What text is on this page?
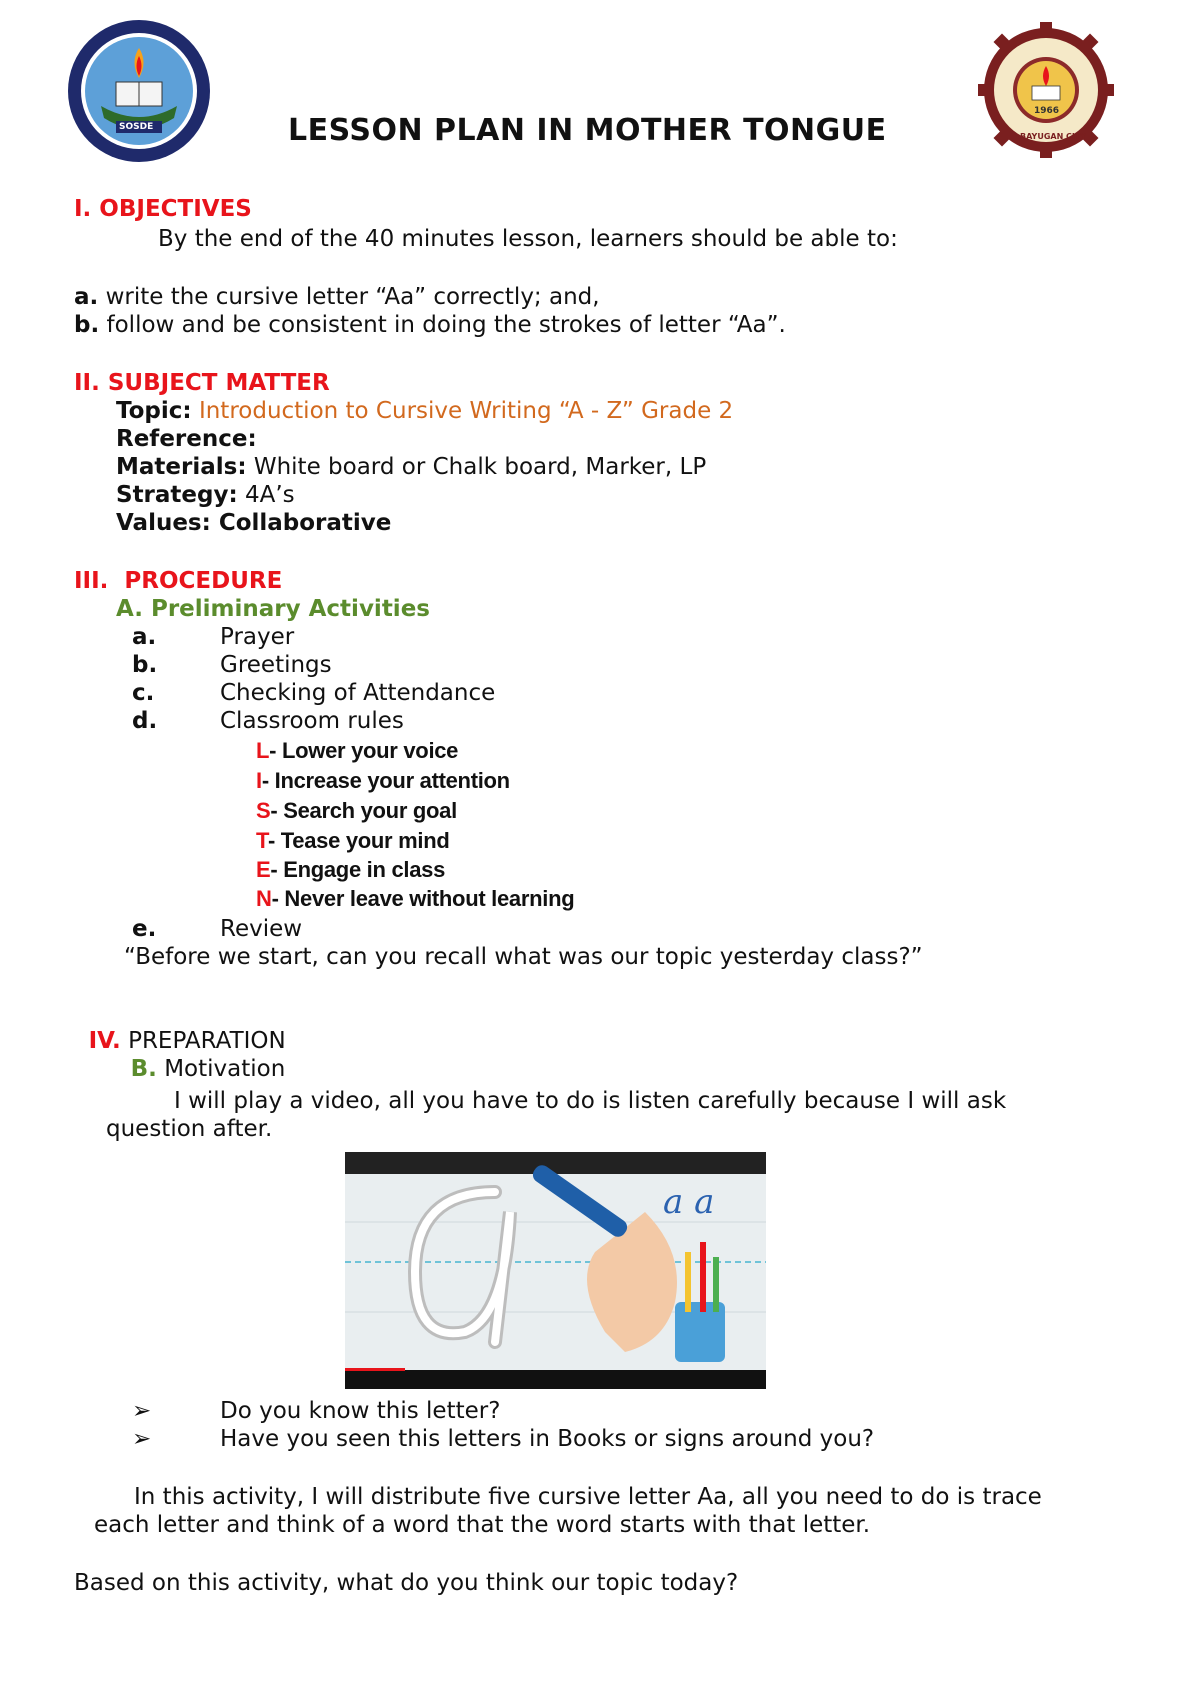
SOSDE
1966
BAYUGAN CITY
LESSON PLAN IN MOTHER TONGUE
I. OBJECTIVES
By the end of the 40 minutes lesson, learners should be able to:
a. write the cursive letter “Aa” correctly; and,
b. follow and be consistent in doing the strokes of letter “Aa”.
II. SUBJECT MATTER
Topic: Introduction to Cursive Writing “A - Z” Grade 2
Reference:
Materials: White board or Chalk board, Marker, LP
Strategy: 4A’s
Values: Collaborative
III.  PROCEDURE
A. Preliminary Activities
a.	Prayer
b.	Greetings
c.	Checking of Attendance
d.	Classroom rules
L- Lower your voice
I- Increase your attention
S- Search your goal
T- Tease your mind
E- Engage in class
N- Never leave without learning
e.	Review
“Before we start, can you recall what was our topic yesterday class?”

IV. PREPARATION

B. Motivation

I will play a video, all you have to do is listen carefully because I will ask
question after.
a a
➢	Do you know this letter?
➢	Have you seen this letters in Books or signs around you?
In this activity, I will distribute five cursive letter Aa, all you need to do is trace
each letter and think of a word that the word starts with that letter.
Based on this activity, what do you think our topic today?
